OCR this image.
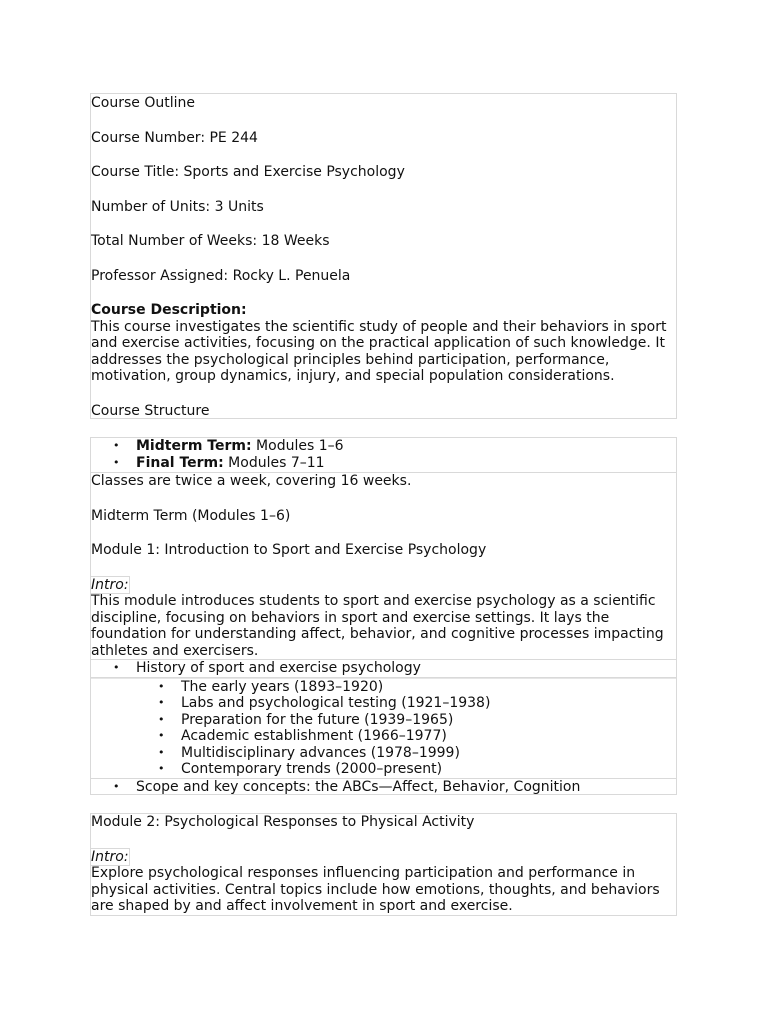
Course Outline

Course Number: PE 244

Course Title: Sports and Exercise Psychology

Number of Units: 3 Units

Total Number of Weeks: 18 Weeks

Professor Assigned: Rocky L. Penuela

Course Description:

This course investigates the scientific study of people and their behaviors in sport and exercise activities, focusing on the practical application of such knowledge. It addresses the psychological principles behind participation, performance, motivation, group dynamics, injury, and special population considerations.

Course Structure

• Midterm Term: Modules 1–6
• Final Term: Modules 7–11

Classes are twice a week, covering 16 weeks.

Midterm Term (Modules 1–6)

Module 1: Introduction to Sport and Exercise Psychology

Intro:

This module introduces students to sport and exercise psychology as a scientific discipline, focusing on behaviors in sport and exercise settings. It lays the foundation for understanding affect, behavior, and cognitive processes impacting athletes and exercisers.

• History of sport and exercise psychology
• The early years (1893–1920)
• Labs and psychological testing (1921–1938)
• Preparation for the future (1939–1965)
• Academic establishment (1966–1977)
• Multidisciplinary advances (1978–1999)
• Contemporary trends (2000–present)
• Scope and key concepts: the ABCs—Affect, Behavior, Cognition

Module 2: Psychological Responses to Physical Activity

Intro:

Explore psychological responses influencing participation and performance in physical activities. Central topics include how emotions, thoughts, and behaviors are shaped by and affect involvement in sport and exercise.
